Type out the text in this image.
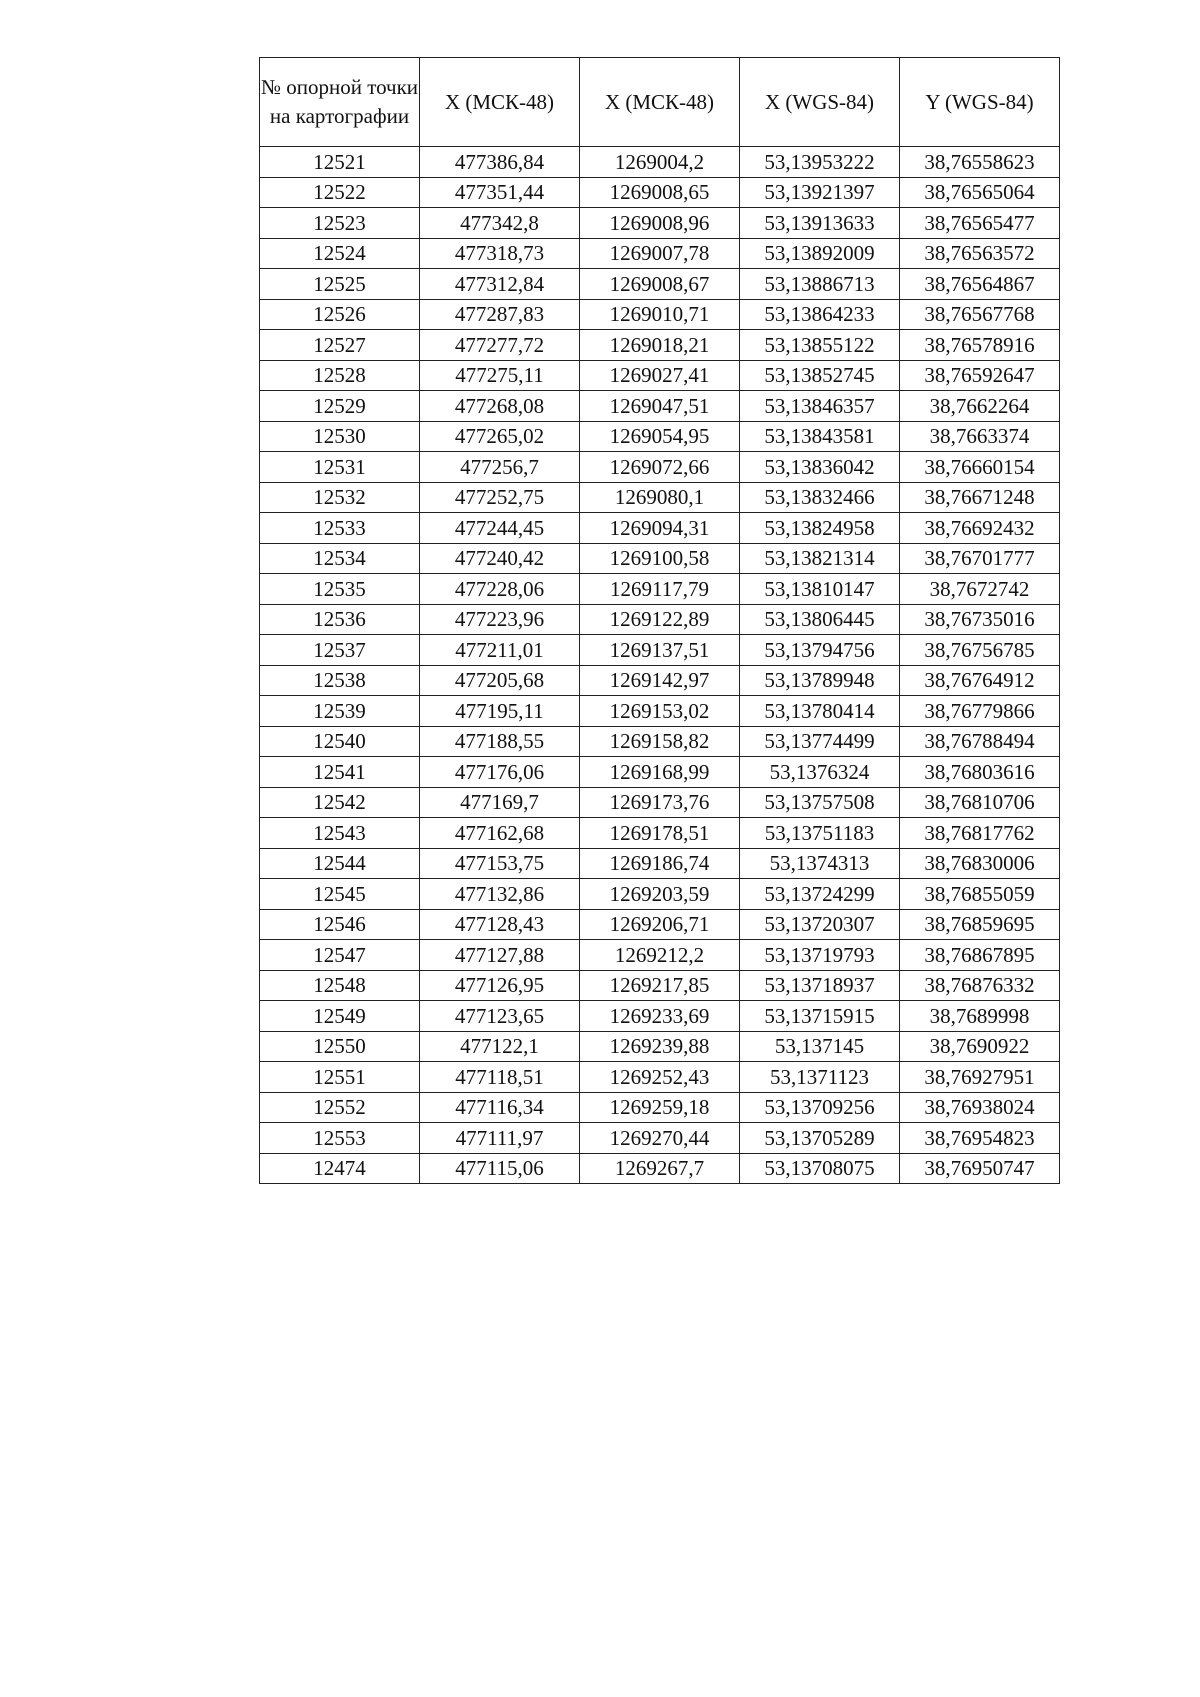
№ опорной точки на картографии	Х (МСК-48)	Х (МСК-48)	Х (WGS-84)	Y (WGS-84)
12521	477386,84	1269004,2	53,13953222	38,76558623
12522	477351,44	1269008,65	53,13921397	38,76565064
12523	477342,8	1269008,96	53,13913633	38,76565477
12524	477318,73	1269007,78	53,13892009	38,76563572
12525	477312,84	1269008,67	53,13886713	38,76564867
12526	477287,83	1269010,71	53,13864233	38,76567768
12527	477277,72	1269018,21	53,13855122	38,76578916
12528	477275,11	1269027,41	53,13852745	38,76592647
12529	477268,08	1269047,51	53,13846357	38,7662264
12530	477265,02	1269054,95	53,13843581	38,7663374
12531	477256,7	1269072,66	53,13836042	38,76660154
12532	477252,75	1269080,1	53,13832466	38,76671248
12533	477244,45	1269094,31	53,13824958	38,76692432
12534	477240,42	1269100,58	53,13821314	38,76701777
12535	477228,06	1269117,79	53,13810147	38,7672742
12536	477223,96	1269122,89	53,13806445	38,76735016
12537	477211,01	1269137,51	53,13794756	38,76756785
12538	477205,68	1269142,97	53,13789948	38,76764912
12539	477195,11	1269153,02	53,13780414	38,76779866
12540	477188,55	1269158,82	53,13774499	38,76788494
12541	477176,06	1269168,99	53,1376324	38,76803616
12542	477169,7	1269173,76	53,13757508	38,76810706
12543	477162,68	1269178,51	53,13751183	38,76817762
12544	477153,75	1269186,74	53,1374313	38,76830006
12545	477132,86	1269203,59	53,13724299	38,76855059
12546	477128,43	1269206,71	53,13720307	38,76859695
12547	477127,88	1269212,2	53,13719793	38,76867895
12548	477126,95	1269217,85	53,13718937	38,76876332
12549	477123,65	1269233,69	53,13715915	38,7689998
12550	477122,1	1269239,88	53,137145	38,7690922
12551	477118,51	1269252,43	53,1371123	38,76927951
12552	477116,34	1269259,18	53,13709256	38,76938024
12553	477111,97	1269270,44	53,13705289	38,76954823
12474	477115,06	1269267,7	53,13708075	38,76950747
